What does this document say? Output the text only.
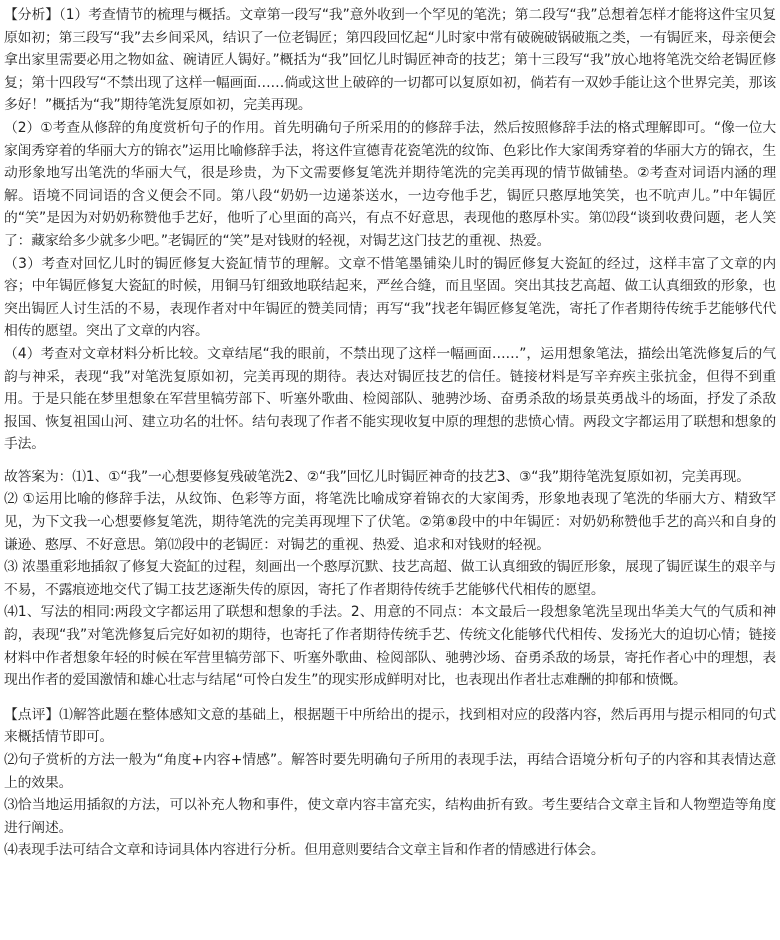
【分析】（1）考查情节的梳理与概括。文章第一段写“我”意外收到一个罕见的笔洗；第二段写“我”总想着怎样才能将这件宝贝复原如初；第三段写“我”去乡间采风，结识了一位老锔匠；第四段回忆起“儿时家中常有破碗破锅破瓶之类，一有锔匠来，母亲便会拿出家里需要必用之物如盆、碗请匠人锔好。”概括为“我”回忆儿时锔匠神奇的技艺；第十三段写“我”放心地将笔洗交给老锔匠修复；第十四段写“不禁出现了这样一幅画面……倘或这世上破碎的一切都可以复原如初，倘若有一双妙手能让这个世界完美，那该多好！”概括为“我”期待笔洗复原如初，完美再现。

（2）①考查从修辞的角度赏析句子的作用。首先明确句子所采用的的修辞手法，然后按照修辞手法的格式理解即可。“像一位大家闺秀穿着的华丽大方的锦衣”运用比喻修辞手法，将这件宣德青花瓷笔洗的纹饰、色彩比作大家闺秀穿着的华丽大方的锦衣，生动形象地写出笔洗的华丽大气，很是珍贵，为下文需要修复笔洗并期待笔洗的完美再现的情节做铺垫。②考查对词语内涵的理解。语境不同词语的含义便会不同。第八段“奶奶一边递茶送水，一边夸他手艺，锔匠只憨厚地笑笑，也不吭声儿。”中年锔匠的“笑”是因为对奶奶称赞他手艺好，他听了心里面的高兴，有点不好意思，表现他的憨厚朴实。第⑿段“谈到收费问题，老人笑了：藏家给多少就多少吧。”老锔匠的“笑”是对钱财的轻视，对锔艺这门技艺的重视、热爱。

（3）考查对回忆儿时的锔匠修复大瓷缸情节的理解。文章不惜笔墨铺染儿时的锔匠修复大瓷缸的经过，这样丰富了文章的内容；中年锔匠修复大瓷缸的时候，用铜马钉细致地联结起来，严丝合缝，而且坚固。突出其技艺高超、做工认真细致的形象，也突出锔匠人讨生活的不易，表现作者对中年锔匠的赞美同情；再写“我”找老年锔匠修复笔洗，寄托了作者期待传统手艺能够代代相传的愿望。突出了文章的内容。

（4）考查对文章材料分析比较。文章结尾“我的眼前，不禁出现了这样一幅画面……”，运用想象笔法，描绘出笔洗修复后的气韵与神采，表现“我”对笔洗复原如初，完美再现的期待。表达对锔匠技艺的信任。链接材料是写辛弃疾主张抗金，但得不到重用。于是只能在梦里想象在军营里犒劳部下、听塞外歌曲、检阅部队、驰骋沙场、奋勇杀敌的场景英勇战斗的场面，抒发了杀敌报国、恢复祖国山河、建立功名的壮怀。结句表现了作者不能实现收复中原的理想的悲愤心情。两段文字都运用了联想和想象的手法。

故答案为：⑴1、①“我”一心想要修复残破笔洗2、②“我”回忆儿时锔匠神奇的技艺3、③“我”期待笔洗复原如初，完美再现。

⑵ ①运用比喻的修辞手法，从纹饰、色彩等方面，将笔洗比喻成穿着锦衣的大家闺秀，形象地表现了笔洗的华丽大方、精致罕见，为下文我一心想要修复笔洗，期待笔洗的完美再现埋下了伏笔。②第⑧段中的中年锔匠：对奶奶称赞他手艺的高兴和自身的谦逊、憨厚、不好意思。第⑿段中的老锔匠：对锔艺的重视、热爱、追求和对钱财的轻视。

⑶ 浓墨重彩地插叙了修复大瓷缸的过程，刻画出一个憨厚沉默、技艺高超、做工认真细致的锔匠形象，展现了锔匠谋生的艰辛与不易，不露痕迹地交代了锔工技艺逐渐失传的原因，寄托了作者期待传统手艺能够代代相传的愿望。

⑷1、写法的相同:两段文字都运用了联想和想象的手法。2、用意的不同点：本文最后一段想象笔洗呈现出华美大气的气质和神韵，表现“我”对笔洗修复后完好如初的期待，也寄托了作者期待传统手艺、传统文化能够代代相传、发扬光大的迫切心情；链接材料中作者想象年轻的时候在军营里犒劳部下、听塞外歌曲、检阅部队、驰骋沙场、奋勇杀敌的场景，寄托作者心中的理想，表现出作者的爱国激情和雄心壮志与结尾“可怜白发生”的现实形成鲜明对比，也表现出作者壮志难酬的抑郁和愤慨。

【点评】⑴解答此题在整体感知文意的基础上，根据题干中所给出的提示，找到相对应的段落内容，然后再用与提示相同的句式来概括情节即可。

⑵句子赏析的方法一般为“角度+内容+情感”。解答时要先明确句子所用的表现手法，再结合语境分析句子的内容和其表情达意上的效果。

⑶恰当地运用插叙的方法，可以补充人物和事件，使文章内容丰富充实，结构曲折有致。考生要结合文章主旨和人物塑造等角度进行阐述。

⑷表现手法可结合文章和诗词具体内容进行分析。但用意则要结合文章主旨和作者的情感进行体会。
